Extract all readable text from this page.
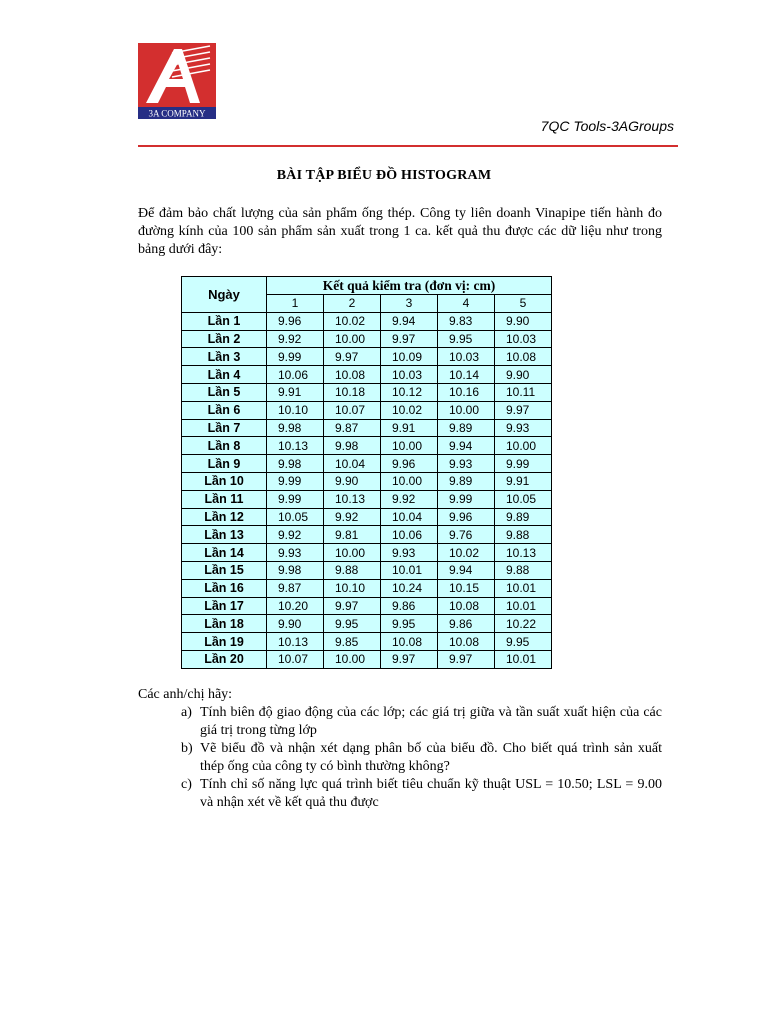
3A COMPANY
7QC Tools-3AGroups
BÀI TẬP BIỂU ĐỒ HISTOGRAM
Để đảm bảo chất lượng của sản phẩm ống thép. Công ty liên doanh Vinapipe tiến hành đo đường kính của 100 sản phẩm sản xuất trong 1 ca. kết quả thu được các dữ liệu như trong bảng dưới đây:
Ngày	Kết quả kiểm tra (đơn vị: cm)				
	1	2	3	4	5
Lần 1	9.96	10.02	9.94	9.83	9.90
Lần 2	9.92	10.00	9.97	9.95	10.03
Lần 3	9.99	9.97	10.09	10.03	10.08
Lần 4	10.06	10.08	10.03	10.14	9.90
Lần 5	9.91	10.18	10.12	10.16	10.11
Lần 6	10.10	10.07	10.02	10.00	9.97
Lần 7	9.98	9.87	9.91	9.89	9.93
Lần 8	10.13	9.98	10.00	9.94	10.00
Lần 9	9.98	10.04	9.96	9.93	9.99
Lần 10	9.99	9.90	10.00	9.89	9.91
Lần 11	9.99	10.13	9.92	9.99	10.05
Lần 12	10.05	9.92	10.04	9.96	9.89
Lần 13	9.92	9.81	10.06	9.76	9.88
Lần 14	9.93	10.00	9.93	10.02	10.13
Lần 15	9.98	9.88	10.01	9.94	9.88
Lần 16	9.87	10.10	10.24	10.15	10.01
Lần 17	10.20	9.97	9.86	10.08	10.01
Lần 18	9.90	9.95	9.95	9.86	10.22
Lần 19	10.13	9.85	10.08	10.08	9.95
Lần 20	10.07	10.00	9.97	9.97	10.01
Các anh/chị hãy:
a) Tính biên độ giao động của các lớp; các giá trị giữa và tần suất xuất hiện của các giá trị trong từng lớp
b) Vẽ biểu đồ và nhận xét dạng phân bố của biểu đồ. Cho biết quá trình sản xuất thép ống của công ty có bình thường không?
c) Tính chỉ số năng lực quá trình biết tiêu chuẩn kỹ thuật USL = 10.50; LSL = 9.00 và nhận xét về kết quả thu được
